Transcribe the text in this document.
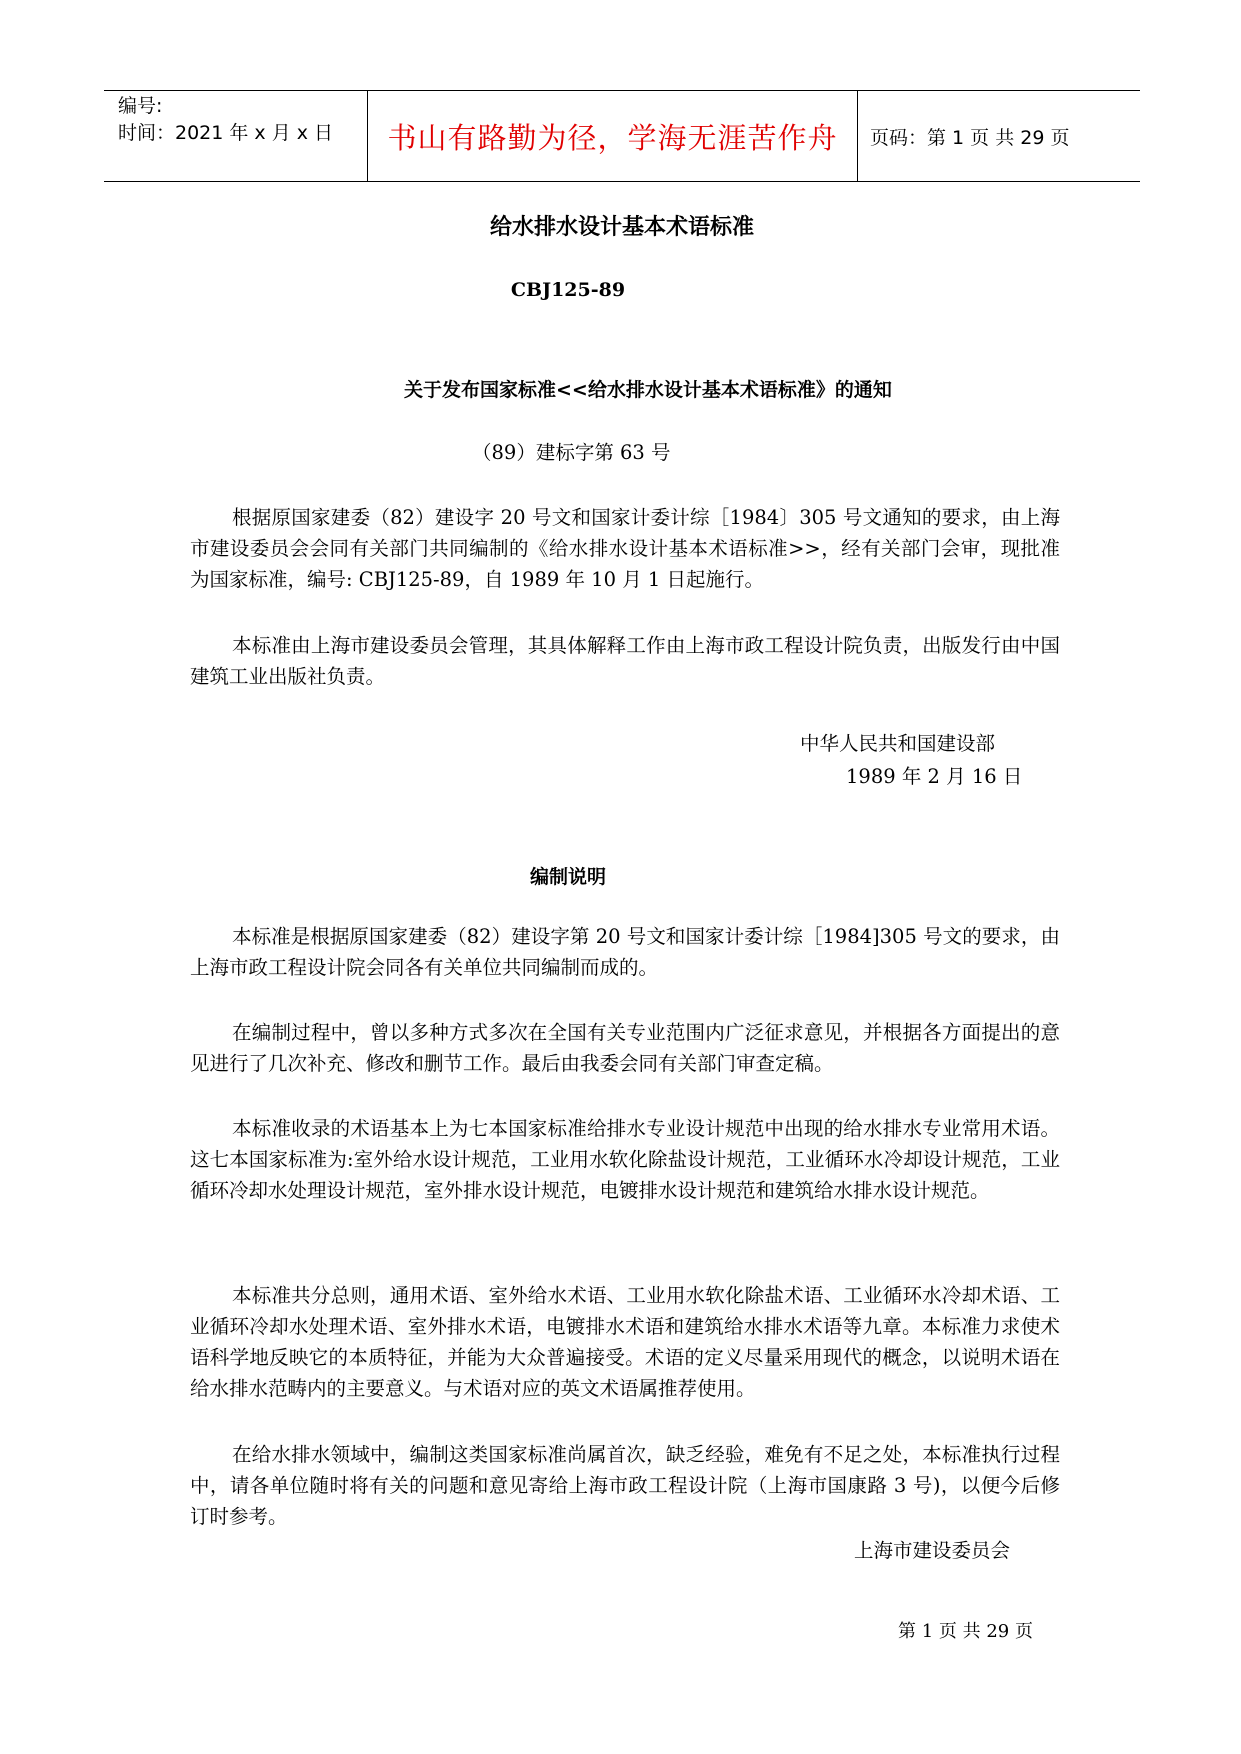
编号:
时间：2021 年 x 月 x 日	书山有路勤为径，学海无涯苦作舟	页码：第 1 页 共 29 页
给水排水设计基本术语标准
CBJ125-89
关于发布国家标准<<给水排水设计基本术语标准》的通知
（89）建标字第 63 号

根据原国家建委（82）建设字 20 号文和国家计委计综［1984〕305 号文通知的要求，由上海市建设委员会会同有关部门共同编制的《给水排水设计基本术语标准>>，经有关部门会审，现批准为国家标准，编号: CBJ125-89，自 1989 年 10 月 1 日起施行。

本标准由上海市建设委员会管理，其具体解释工作由上海市政工程设计院负责，出版发行由中国建筑工业出版社负责。

中华人民共和国建设部
1989 年 2 月 16 日
编制说明

本标准是根据原国家建委（82）建设字第 20 号文和国家计委计综［1984]305 号文的要求，由上海市政工程设计院会同各有关单位共同编制而成的。

在编制过程中，曾以多种方式多次在全国有关专业范围内广泛征求意见，并根据各方面提出的意见进行了几次补充、修改和删节工作。最后由我委会同有关部门审查定稿。

本标准收录的术语基本上为七本国家标准给排水专业设计规范中出现的给水排水专业常用术语。这七本国家标准为:室外给水设计规范，工业用水软化除盐设计规范，工业循环水冷却设计规范，工业循环冷却水处理设计规范，室外排水设计规范，电镀排水设计规范和建筑给水排水设计规范。

本标准共分总则，通用术语、室外给水术语、工业用水软化除盐术语、工业循环水冷却术语、工业循环冷却水处理术语、室外排水术语，电镀排水术语和建筑给水排水术语等九章。本标准力求使术语科学地反映它的本质特征，并能为大众普遍接受。术语的定义尽量采用现代的概念，以说明术语在给水排水范畴内的主要意义。与术语对应的英文术语属推荐使用。

在给水排水领域中，编制这类国家标准尚属首次，缺乏经验，难免有不足之处，本标准执行过程中，请各单位随时将有关的问题和意见寄给上海市政工程设计院（上海市国康路 3 号)，以便今后修订时参考。

上海市建设委员会
第 1 页 共 29 页
